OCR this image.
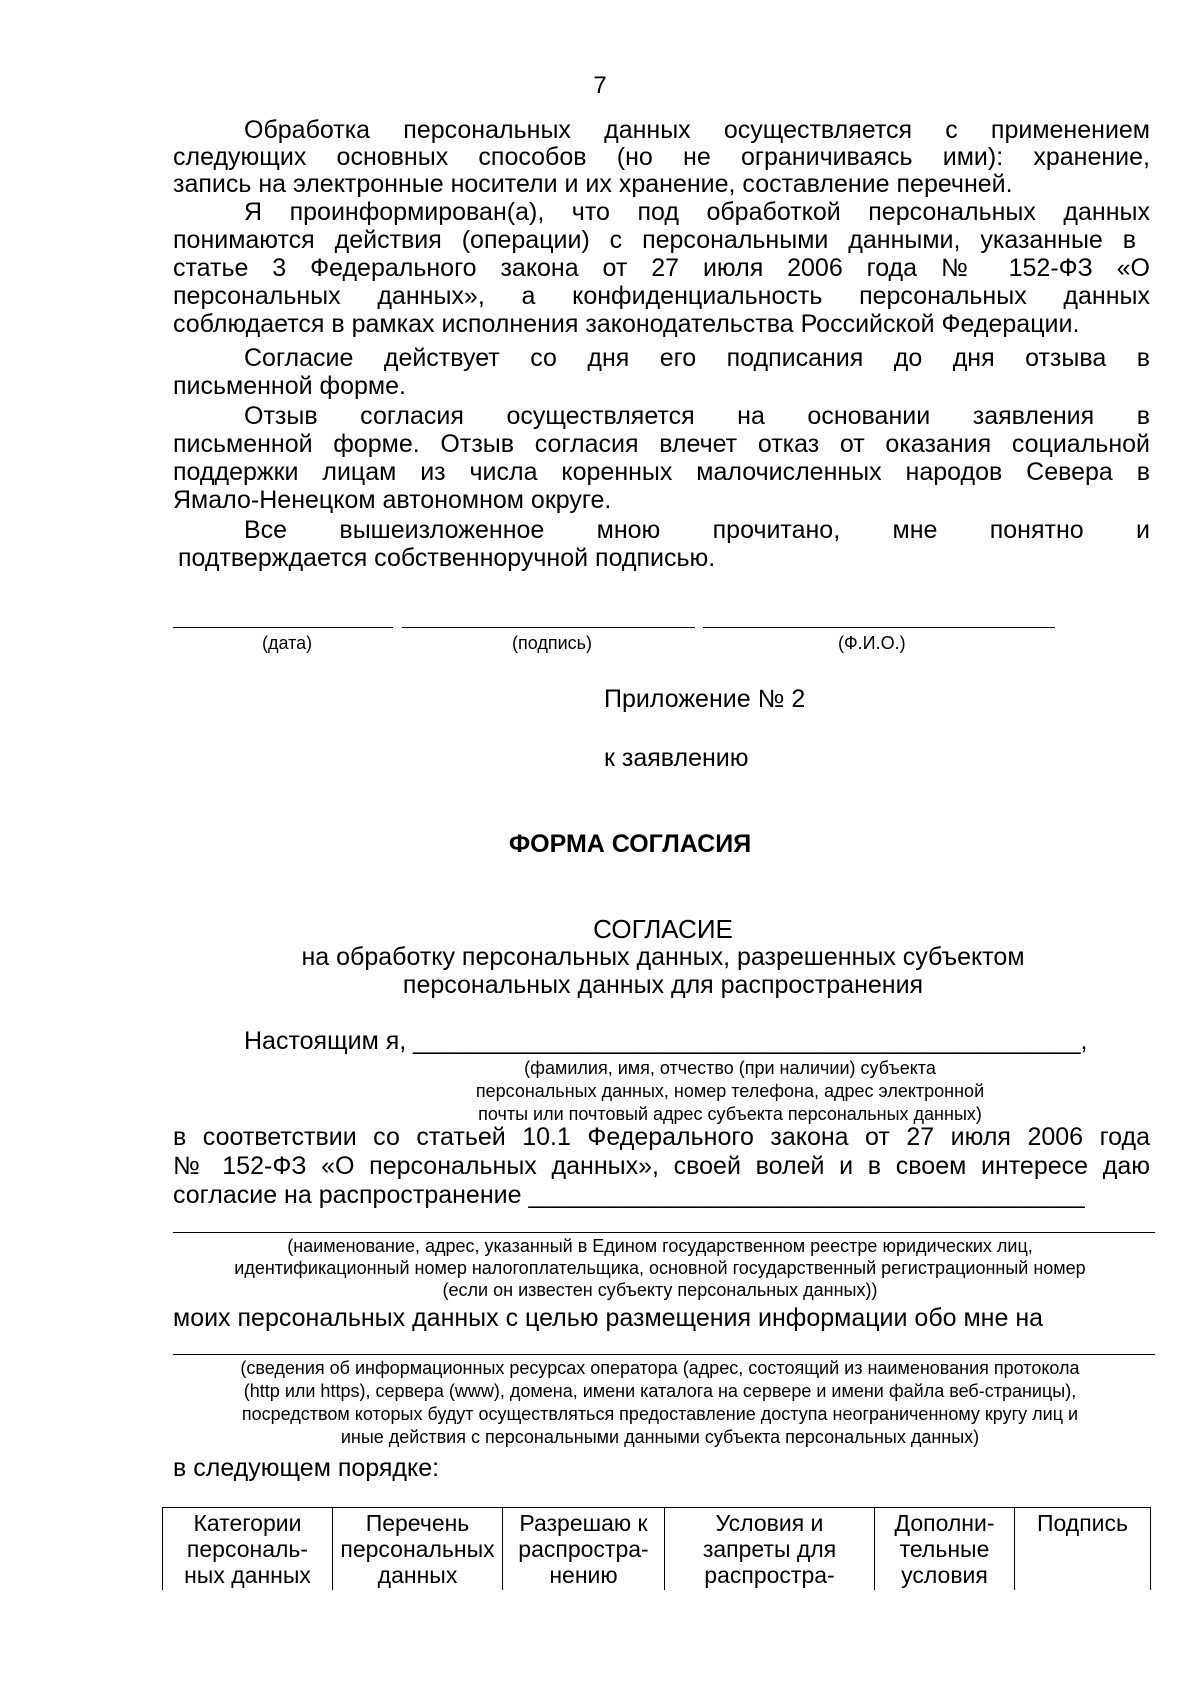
7
Обработка персональных данных осуществляется с применением
следующих основных способов (но не ограничиваясь ими): хранение,
запись на электронные носители и их хранение, составление перечней.
Я проинформирован(а), что под обработкой персональных данных
понимаются действия (операции) с персональными данными, указанные в
статье 3 Федерального закона от 27 июля 2006 года № 152-ФЗ «О
персональных данных», а конфиденциальность персональных данных
соблюдается в рамках исполнения законодательства Российской Федерации.
Согласие действует со дня его подписания до дня отзыва в
письменной форме.
Отзыв согласия осуществляется на основании заявления в
письменной форме. Отзыв согласия влечет отказ от оказания социальной
поддержки лицам из числа коренных малочисленных народов Севера в
Ямало-Ненецком автономном округе.
Все вышеизложенное мною прочитано, мне понятно и
подтверждается собственноручной подписью.
(дата)	(подпись)	(Ф.И.О.)
Приложение № 2
к заявлению
ФОРМА СОГЛАСИЯ
СОГЛАСИЕ
на обработку персональных данных, разрешенных субъектом
персональных данных для распространения
Настоящим я, ________________________________________________,
(фамилия, имя, отчество (при наличии) субъекта
персональных данных, номер телефона, адрес электронной
почты или почтовый адрес субъекта персональных данных)
в соответствии со статьей 10.1 Федерального закона от 27 июля 2006 года
№ 152-ФЗ «О персональных данных», своей волей и в своем интересе даю
согласие на распространение ________________________________________
(наименование, адрес, указанный в Едином государственном реестре юридических лиц,
идентификационный номер налогоплательщика, основной государственный регистрационный номер
(если он известен субъекту персональных данных))
моих персональных данных с целью размещения информации обо мне на
(сведения об информационных ресурсах оператора (адрес, состоящий из наименования протокола
(http или https), сервера (www), домена, имени каталога на сервере и имени файла веб-страницы),
посредством которых будут осуществляться предоставление доступа неограниченному кругу лиц и
иные действия с персональными данными субъекта персональных данных)
в следующем порядке:
Категории персональ- ных данных	Перечень персональных данных	Разрешаю к распростра- нению	Условия и запреты для распростра-	Дополни- тельные условия	Подпись
